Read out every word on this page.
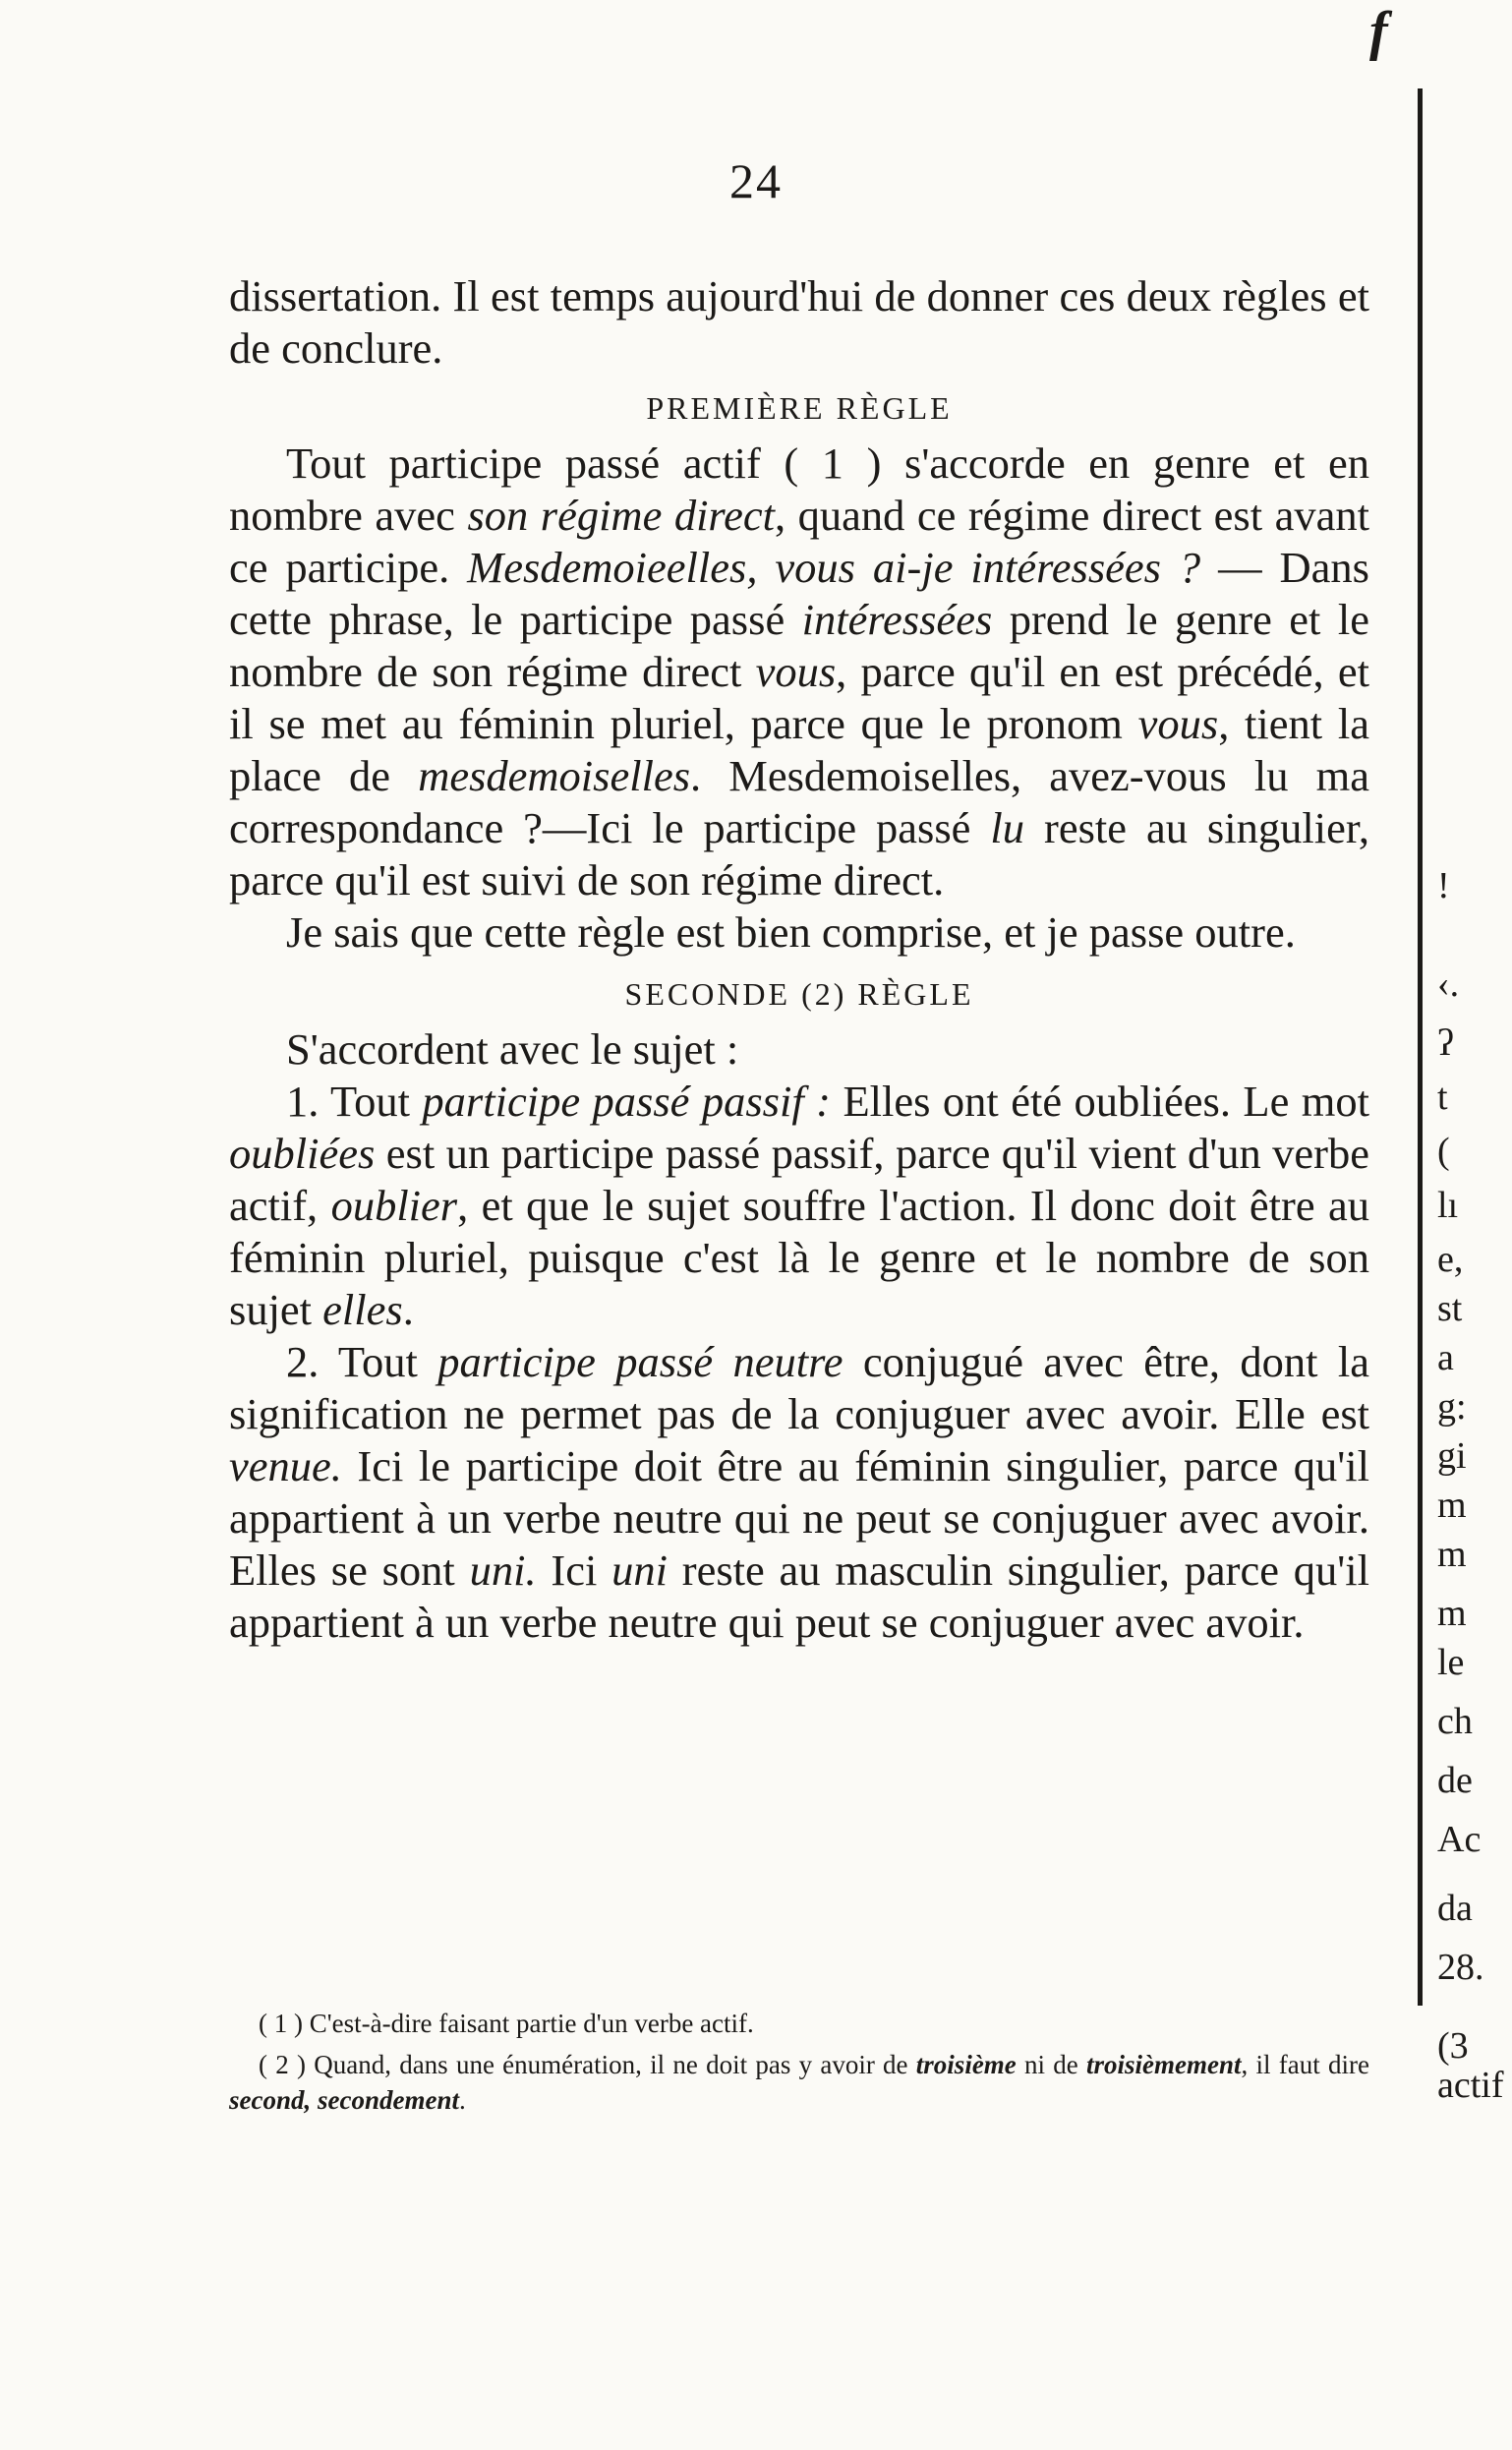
f
24

dissertation. Il est temps aujourd'hui de donner ces deux règles et de conclure.

PREMIÈRE RÈGLE

Tout participe passé actif ( 1 ) s'accorde en genre et en nombre avec son régime direct, quand ce régime direct est avant ce participe. Mesdemoieelles, vous ai-je intéressées ? — Dans cette phrase, le participe passé intéressées prend le genre et le nombre de son régime direct vous, parce qu'il en est précédé, et il se met au féminin pluriel, parce que le pronom vous, tient la place de mesdemoiselles. Mesdemoiselles, avez-vous lu ma correspondance ?—Ici le participe passé lu reste au singulier, parce qu'il est suivi de son régime direct.

Je sais que cette règle est bien comprise, et je passe outre.

SECONDE (2) RÈGLE

S'accordent avec le sujet :

1. Tout participe passé passif : Elles ont été oubliées. Le mot oubliées est un participe passé passif, parce qu'il vient d'un verbe actif, oublier, et que le sujet souffre l'action. Il donc doit être au féminin pluriel, puisque c'est là le genre et le nombre de son sujet elles.

2. Tout participe passé neutre conjugué avec être, dont la signification ne permet pas de la conjuguer avec avoir. Elle est venue. Ici le participe doit être au féminin singulier, parce qu'il appartient à un verbe neutre qui ne peut se conjuguer avec avoir. Elles se sont uni. Ici uni reste au masculin singulier, parce qu'il appartient à un verbe neutre qui peut se conjuguer avec avoir.

( 1 ) C'est-à-dire faisant partie d'un verbe actif.

( 2 ) Quand, dans une énumération, il ne doit pas y avoir de troisième ni de troisièmement, il faut dire second, secondement.

!
‹.
ʔ
t
(
lı
e,
st
a
g:
gi
m
m
m
le
ch
de
Ac
da
28.
(3
actif
